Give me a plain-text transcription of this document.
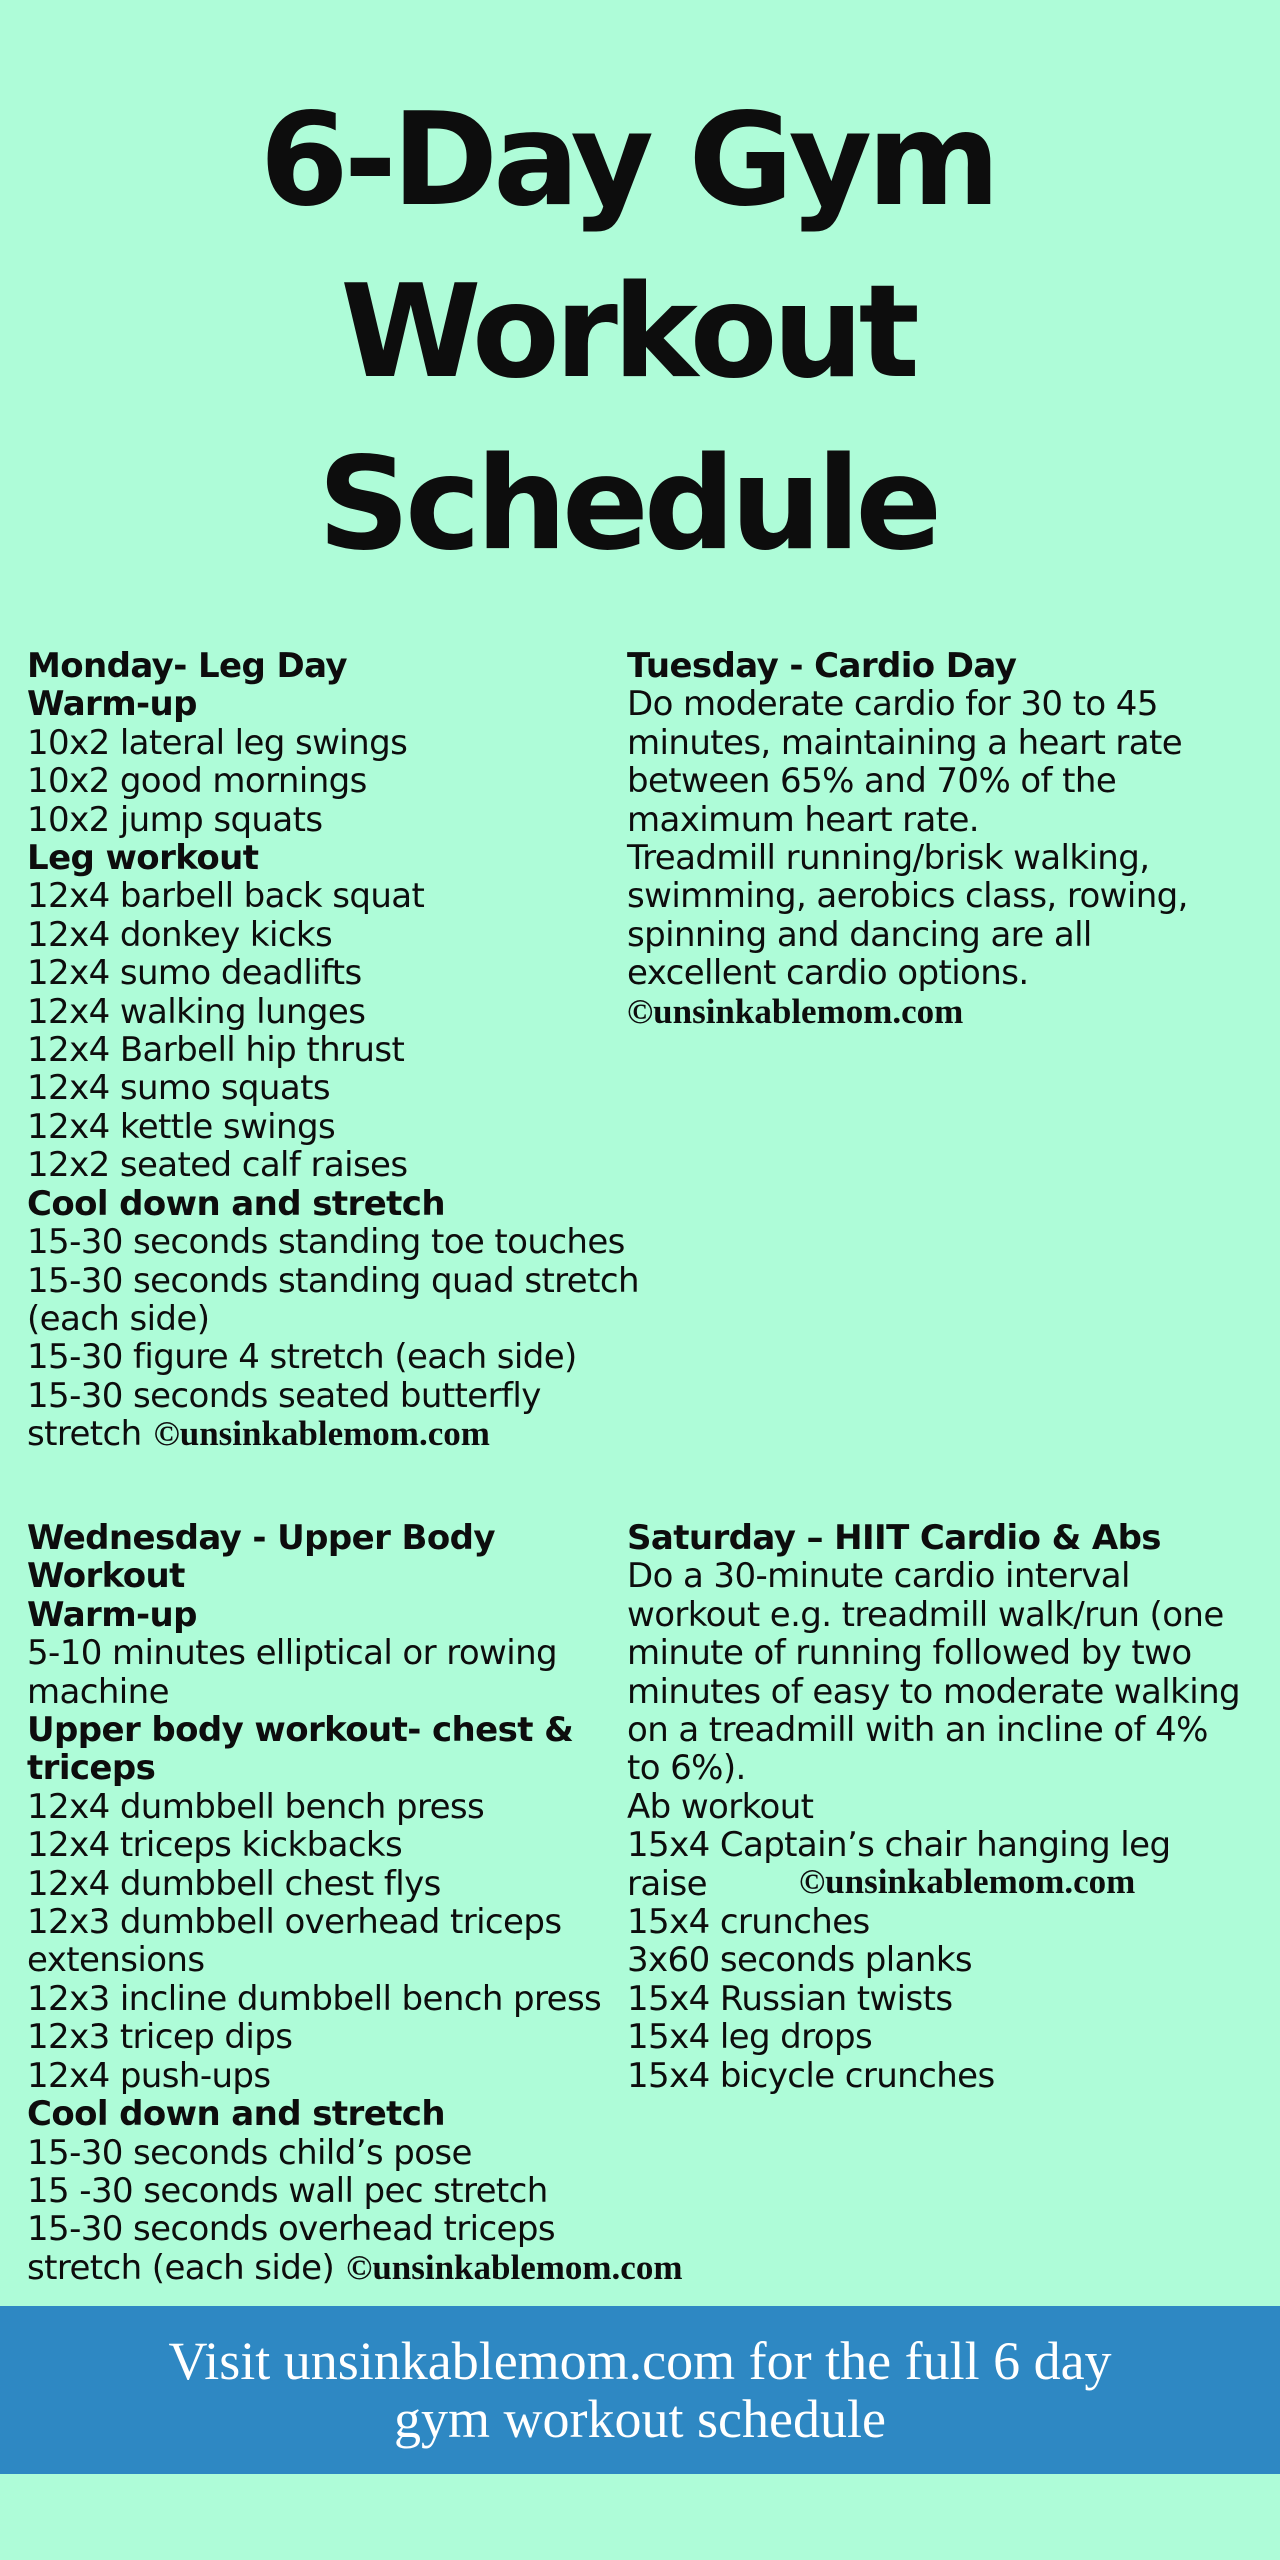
6-Day Gym
Workout
Schedule
Monday- Leg Day
Warm-up
10x2 lateral leg swings
10x2 good mornings
10x2 jump squats
Leg workout
12x4 barbell back squat
12x4 donkey kicks
12x4 sumo deadlifts
12x4 walking lunges
12x4 Barbell hip thrust
12x4 sumo squats
12x4 kettle swings
12x2 seated calf raises
Cool down and stretch
15-30 seconds standing toe touches
15-30 seconds standing quad stretch
(each side)
15-30 figure 4 stretch (each side)
15-30 seconds seated butterfly
stretch ©unsinkablemom.com
Tuesday - Cardio Day
Do moderate cardio for 30 to 45
minutes, maintaining a heart rate
between 65% and 70% of the
maximum heart rate.
Treadmill running/brisk walking,
swimming, aerobics class, rowing,
spinning and dancing are all
excellent cardio options.
©unsinkablemom.com
Wednesday - Upper Body
Workout
Warm-up
5-10 minutes elliptical or rowing
machine
Upper body workout- chest &
triceps
12x4 dumbbell bench press
12x4 triceps kickbacks
12x4 dumbbell chest flys
12x3 dumbbell overhead triceps
extensions
12x3 incline dumbbell bench press
12x3 tricep dips
12x4 push-ups
Cool down and stretch
15-30 seconds child’s pose
15 -30 seconds wall pec stretch
15-30 seconds overhead triceps
stretch (each side) ©unsinkablemom.com
Saturday – HIIT Cardio & Abs
Do a 30-minute cardio interval
workout e.g. treadmill walk/run (one
minute of running followed by two
minutes of easy to moderate walking
on a treadmill with an incline of 4%
to 6%).
Ab workout
15x4 Captain’s chair hanging leg
raise
15x4 crunches
3x60 seconds planks
15x4 Russian twists
15x4 leg drops
15x4 bicycle crunches
©unsinkablemom.com
Visit unsinkablemom.com for the full 6 day
gym workout schedule
